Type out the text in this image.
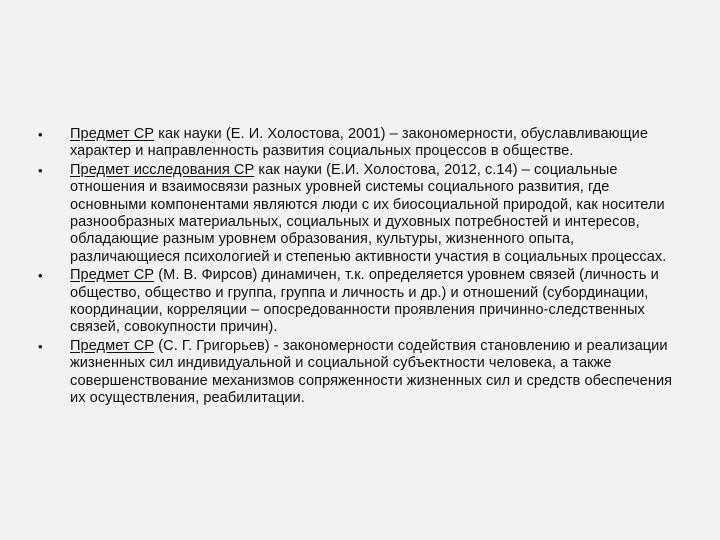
•	Предмет СР как науки (Е. И. Холостова, 2001) – закономерности, обуславливающие характер и направленность развития социальных процессов в обществе.
•	Предмет исследования СР как науки (Е.И. Холостова, 2012, с.14) – социальные отношения и взаимосвязи разных уровней системы социального развития, где основными компонентами являются люди с их биосоциальной природой, как носители разнообразных материальных, социальных и духовных потребностей и интересов, обладающие разным уровнем образования, культуры, жизненного опыта, различающиеся психологией и степенью активности участия в социальных процессах.
•	Предмет СР (М. В. Фирсов) динамичен, т.к. определяется уровнем связей (личность и общество, общество и группа, группа и личность и др.) и отношений (субординации, координации, корреляции – опосредованности проявления причинно-следственных связей, совокупности причин).
•	Предмет СР (С. Г. Григорьев) - закономерности содействия становлению и реализации жизненных сил индивидуальной и социальной субъектности человека, а также совершенствование механизмов сопряженности жизненных сил и средств обеспечения их осуществления, реабилитации.
